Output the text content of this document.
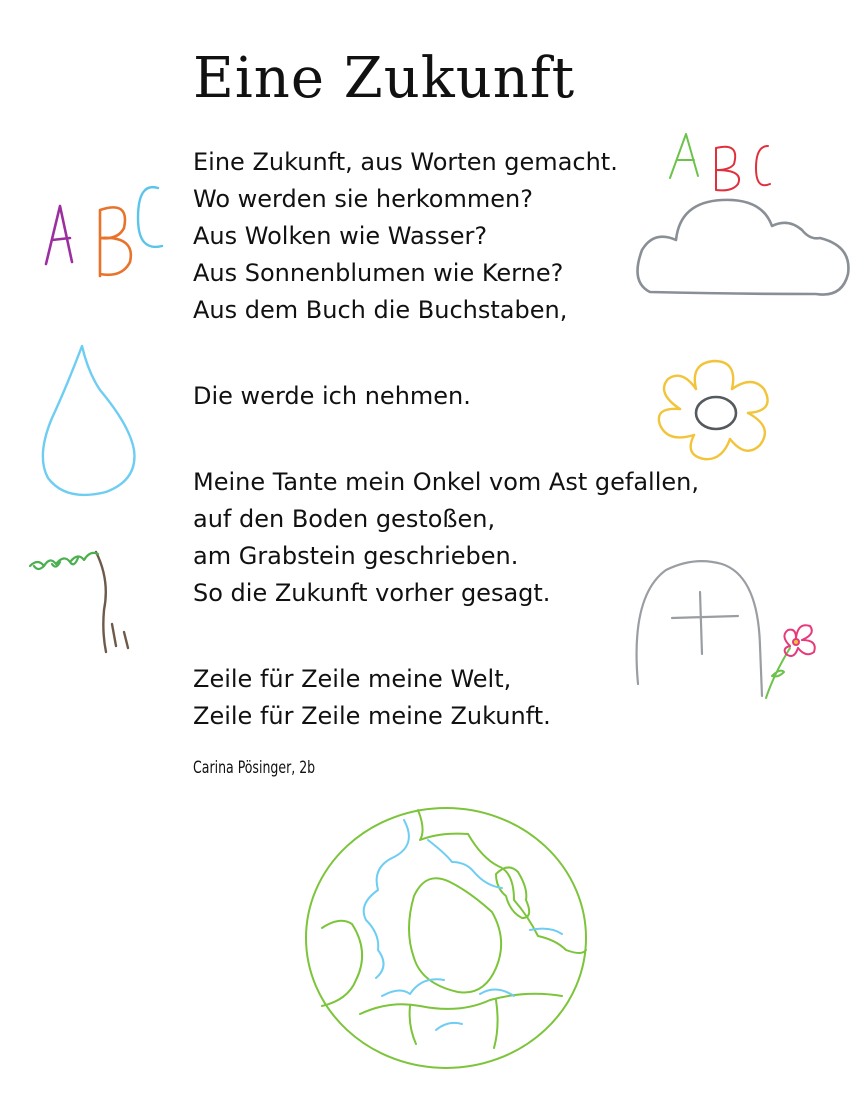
Eine Zukunft
Eine Zukunft, aus Worten gemacht.
Wo werden sie herkommen?
Aus Wolken wie Wasser?
Aus Sonnenblumen wie Kerne?
Aus dem Buch die Buchstaben,
Die werde ich nehmen.
Meine Tante mein Onkel vom Ast gefallen,
auf den Boden gestoßen,
am Grabstein geschrieben.
So die Zukunft vorher gesagt.
Zeile für Zeile meine Welt,
Zeile für Zeile meine Zukunft.
Carina Pösinger, 2b
